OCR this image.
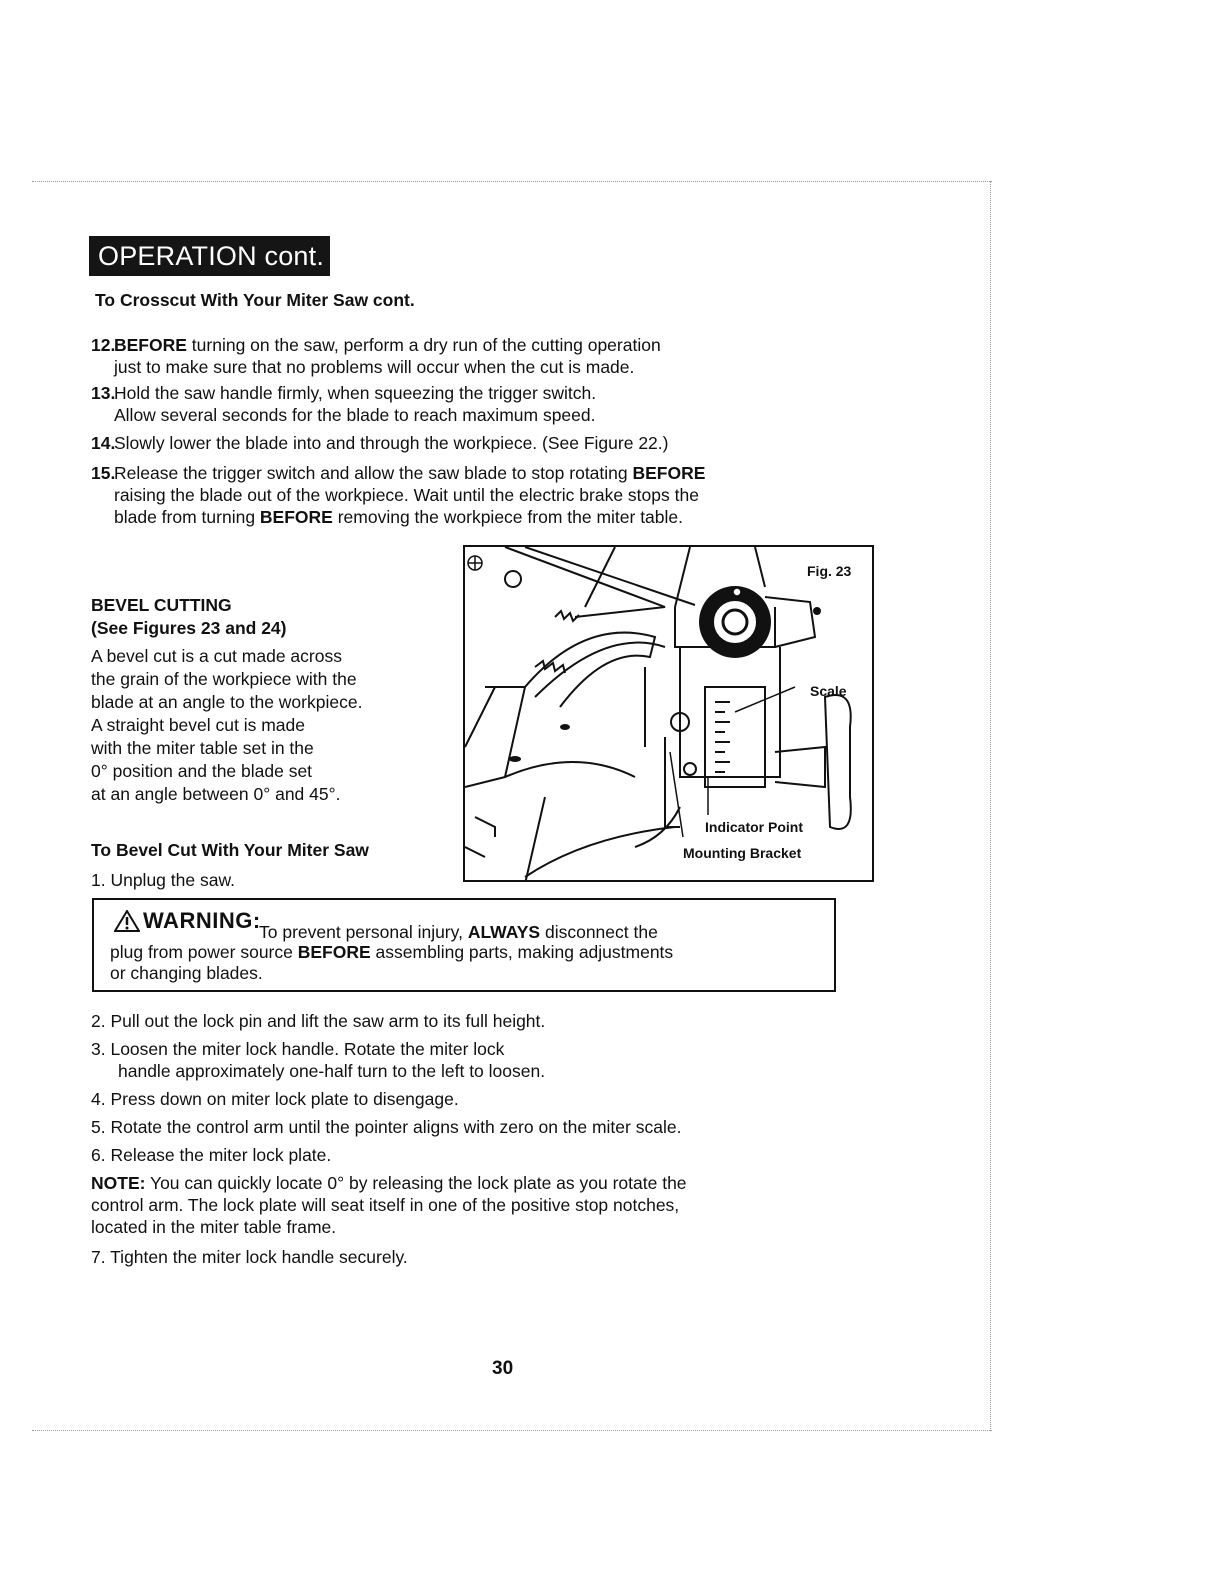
OPERATION cont.
To Crosscut With Your Miter Saw cont.
12.
BEFORE turning on the saw, perform a dry run of the cutting operation
just to make sure that no problems will occur when the cut is made.
13.
Hold the saw handle firmly, when squeezing the trigger switch.
Allow several seconds for the blade to reach maximum speed.
14.
Slowly lower the blade into and through the workpiece. (See Figure 22.)
15.
Release the trigger switch and allow the saw blade to stop rotating BEFORE
raising the blade out of the workpiece. Wait until the electric brake stops the
blade from turning BEFORE removing the workpiece from the miter table.
BEVEL CUTTING
(See Figures 23 and 24)
A bevel cut is a cut made across
the grain of the workpiece with the
blade at an angle to the workpiece.
A straight bevel cut is made
with the miter table set in the
0° position and the blade set
at an angle between 0° and 45°.
To Bevel Cut With Your Miter Saw
1. Unplug the saw.
Fig. 23
Scale
Indicator Point
Mounting Bracket
WARNING:
To prevent personal injury, ALWAYS disconnect the
plug from power source BEFORE assembling parts, making adjustments
or changing blades.
2. Pull out the lock pin and lift the saw arm to its full height.
3. Loosen the miter lock handle. Rotate the miter lock
handle approximately one-half turn to the left to loosen.
4. Press down on miter lock plate to disengage.
5. Rotate the control arm until the pointer aligns with zero on the miter scale.
6. Release the miter lock plate.
NOTE: You can quickly locate 0° by releasing the lock plate as you rotate the
control arm. The lock plate will seat itself in one of the positive stop notches,
located in the miter table frame.
7. Tighten the miter lock handle securely.
30
